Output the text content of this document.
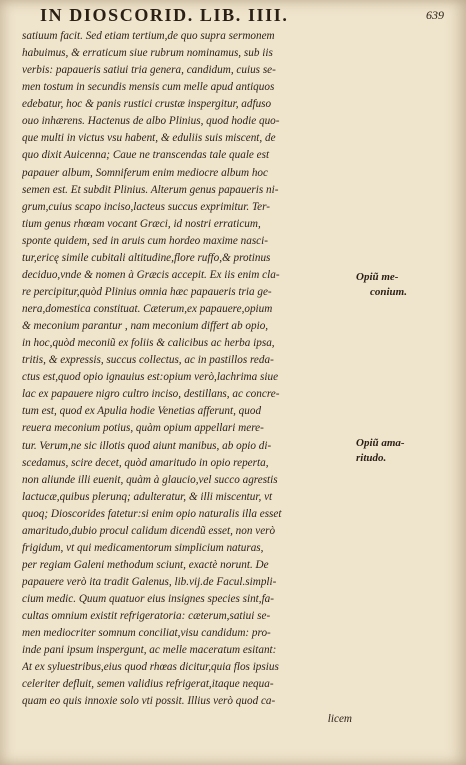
IN DIOSCORID. LIB. IIII.	639
satiuum facit. Sed etiam tertium,de quo supra sermonem
habuimus, & erraticum siue rubrum nominamus, sub iis
verbis: papaueris satiui tria genera, candidum, cuius se-
men tostum in secundis mensis cum melle apud antiquos
edebatur, hoc & panis rustici crustæ inspergitur, adfuso
ouo inhærens. Hactenus de albo Plinius, quod hodie quo-
que multi in victus vsu habent, & eduliis suis miscent, de
quo dixit Auicenna; Caue ne transcendas tale quale est
papauer album, Somniferum enim mediocre album hoc
semen est. Et subdit Plinius. Alterum genus papaueris ni-
grum,cuius scapo inciso,lacteus succus exprimitur. Ter-
tium genus rhœam vocant Græci, id nostri erraticum,
sponte quidem, sed in aruis cum hordeo maxime nasci-
tur,ericę simile cubitali altitudine,flore ruffo,& protinus
deciduo,vnde & nomen à Græcis accepit. Ex iis enim cla-
re percipitur,quòd Plinius omnia hæc papaueris tria ge-
nera,domestica constituat. Cæterum,ex papauere,opium
& meconium parantur , nam meconium differt ab opio,
in hoc,quòd meconiũ ex foliis & calicibus ac herba ipsa,
tritis, & expressis, succus collectus, ac in pastillos reda-
ctus est,quod opio ignauius est:opium verò,lachrima siue
lac ex papauere nigro cultro inciso, destillans, ac concre-
tum est, quod ex Apulia hodie Venetias afferunt, quod
reuera meconium potius, quàm opium appellari mere-
tur. Verum,ne sic illotis quod aiunt manibus, ab opio di-
scedamus, scire decet, quòd amaritudo in opio reperta,
non aliunde illi euenit, quàm à glaucio,vel succo agrestis
lactucæ,quibus plerunq; adulteratur, & illi miscentur, vt
quoq; Dioscorides fatetur:si enim opio naturalis illa esset
amaritudo,dubio procul calidum dicendũ esset, non verò
frigidum, vt qui medicamentorum simplicium naturas,
per regiam Galeni methodum sciunt, exactè norunt. De
papauere verò ita tradit Galenus, lib.vij.de Facul.simpli-
cium medic. Quum quatuor eius insignes species sint,fa-
cultas omnium existit refrigeratoria: cæterum,satiui se-
men mediocriter somnum conciliat,visu candidum: pro-
inde pani ipsum inspergunt, ac melle maceratum esitant:
At ex syluestribus,eius quod rhœas dicitur,quia flos ipsius
celeriter defluit, semen validius refrigerat,itaque nequa-
quam eo quis innoxie solo vti possit. Illius verò quod ca-
licem
Opiũ me-
conium.
Opiũ ama-
ritudo.
